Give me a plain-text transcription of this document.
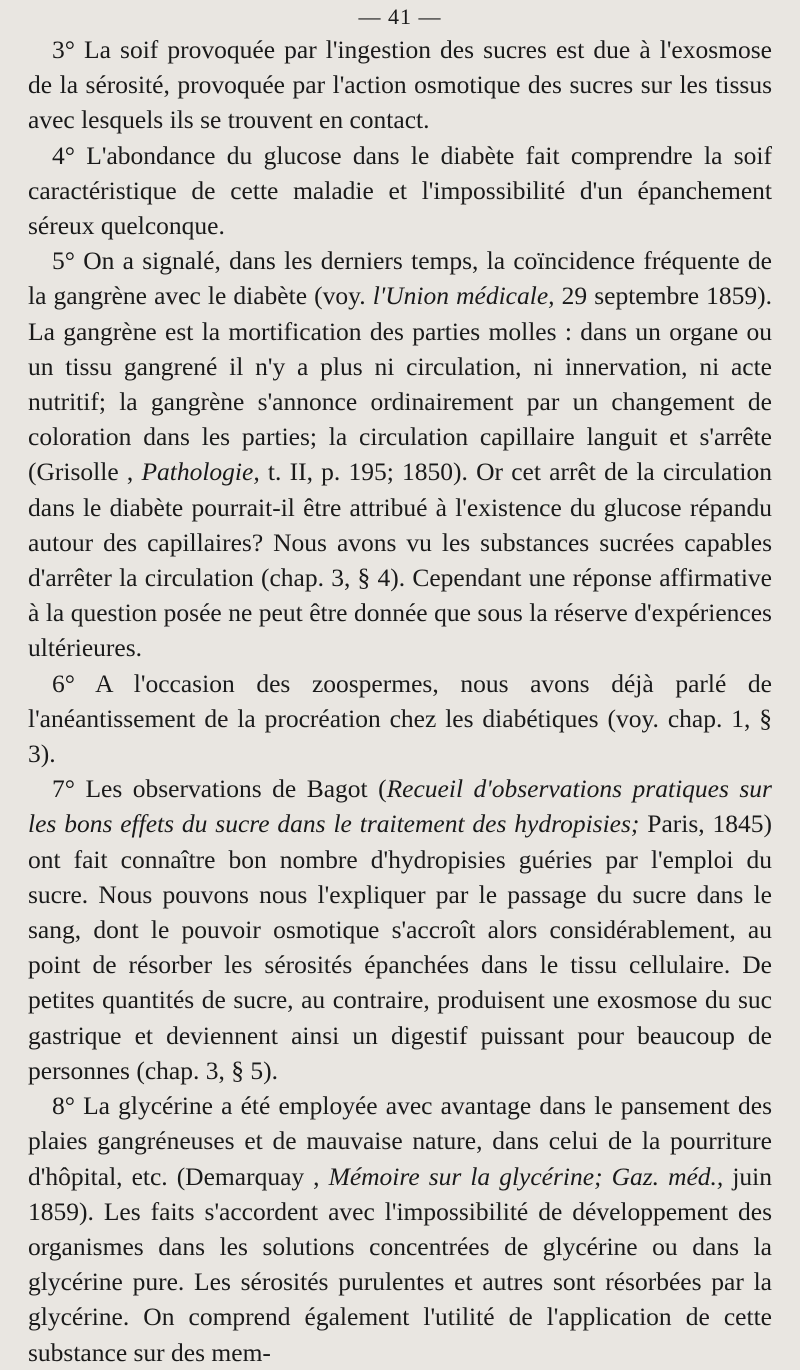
— 41 —

3° La soif provoquée par l'ingestion des sucres est due à l'exosmose de la sérosité, provoquée par l'action osmotique des sucres sur les tissus avec lesquels ils se trouvent en contact.

4° L'abondance du glucose dans le diabète fait comprendre la soif caractéristique de cette maladie et l'impossibilité d'un épanchement séreux quelconque.

5° On a signalé, dans les derniers temps, la coïncidence fréquente de la gangrène avec le diabète (voy. l'Union médicale, 29 septembre 1859). La gangrène est la mortification des parties molles : dans un organe ou un tissu gangrené il n'y a plus ni circulation, ni innervation, ni acte nutritif; la gangrène s'annonce ordinairement par un changement de coloration dans les parties; la circulation capillaire languit et s'arrête (Grisolle , Pathologie, t. II, p. 195; 1850). Or cet arrêt de la circulation dans le diabète pourrait-il être attribué à l'existence du glucose répandu autour des capillaires? Nous avons vu les substances sucrées capables d'arrêter la circulation (chap. 3, § 4). Cependant une réponse affirmative à la question posée ne peut être donnée que sous la réserve d'expériences ultérieures.

6° A l'occasion des zoospermes, nous avons déjà parlé de l'anéantissement de la procréation chez les diabétiques (voy. chap. 1, § 3).

7° Les observations de Bagot (Recueil d'observations pratiques sur les bons effets du sucre dans le traitement des hydropisies; Paris, 1845) ont fait connaître bon nombre d'hydropisies guéries par l'emploi du sucre. Nous pouvons nous l'expliquer par le passage du sucre dans le sang, dont le pouvoir osmotique s'accroît alors considérablement, au point de résorber les sérosités épanchées dans le tissu cellulaire. De petites quantités de sucre, au contraire, produisent une exosmose du suc gastrique et deviennent ainsi un digestif puissant pour beaucoup de personnes (chap. 3, § 5).

8° La glycérine a été employée avec avantage dans le pansement des plaies gangréneuses et de mauvaise nature, dans celui de la pourriture d'hôpital, etc. (Demarquay , Mémoire sur la glycérine; Gaz. méd., juin 1859). Les faits s'accordent avec l'impossibilité de développement des organismes dans les solutions concentrées de glycérine ou dans la glycérine pure. Les sérosités purulentes et autres sont résorbées par la glycérine. On comprend également l'utilité de l'application de cette substance sur des mem-
